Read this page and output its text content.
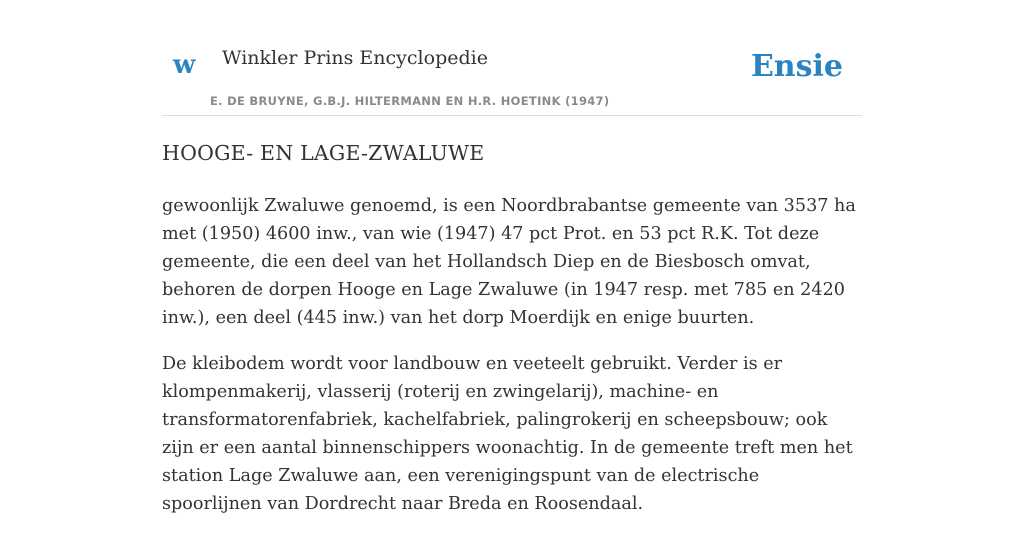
w Winkler Prins Encyclopedie
E. DE BRUYNE, G.B.J. HILTERMANN EN H.R. HOETINK (1947)
Ensie
HOOGE- EN LAGE-ZWALUWE

gewoonlijk Zwaluwe genoemd, is een Noordbrabantse gemeente van 3537 ha met (1950) 4600 inw., van wie (1947) 47 pct Prot. en 53 pct R.K. Tot deze gemeente, die een deel van het Hollandsch Diep en de Biesbosch omvat, behoren de dorpen Hooge en Lage Zwaluwe (in 1947 resp. met 785 en 2420 inw.), een deel (445 inw.) van het dorp Moerdijk en enige buurten.

De kleibodem wordt voor landbouw en veeteelt gebruikt. Verder is er klompenmakerij, vlasserij (roterij en zwingelarij), machine- en transformatorenfabriek, kachelfabriek, palingrokerij en scheepsbouw; ook zijn er een aantal binnenschippers woonachtig. In de gemeente treft men het station Lage Zwaluwe aan, een verenigingspunt van de electrische spoorlijnen van Dordrecht naar Breda en Roosendaal.
